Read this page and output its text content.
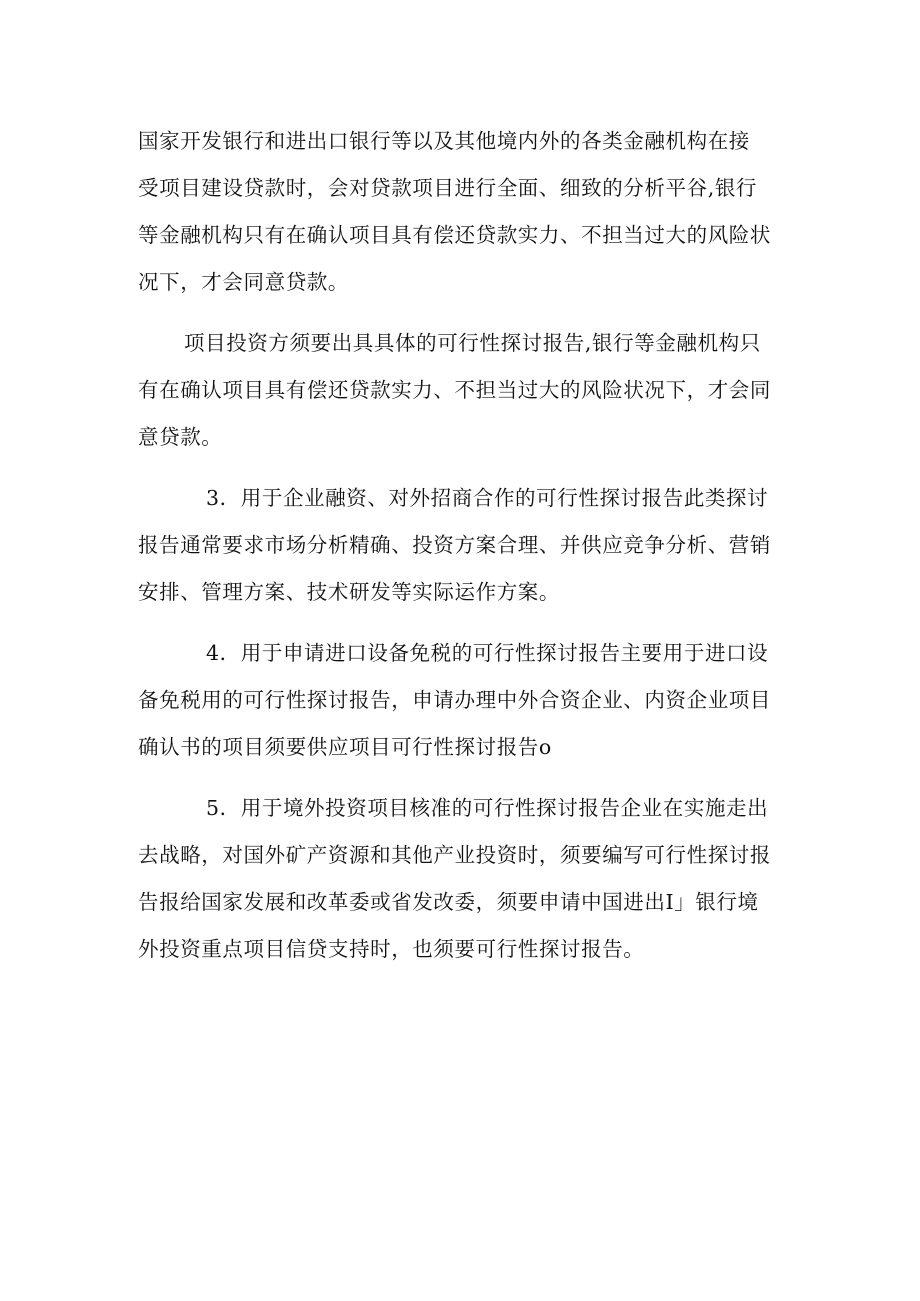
国家开发银行和进出口银行等以及其他境内外的各类金融机构在接
受项目建设贷款时，会对贷款项目进行全面、细致的分析平谷,银行
等金融机构只有在确认项目具有偿还贷款实力、不担当过大的风险状
况下，才会同意贷款。

项目投资方须要出具具体的可行性探讨报告,银行等金融机构只
有在确认项目具有偿还贷款实力、不担当过大的风险状况下，才会同
意贷款。

3．用于企业融资、对外招商合作的可行性探讨报告此类探讨
报告通常要求市场分析精确、投资方案合理、并供应竞争分析、营销
安排、管理方案、技术研发等实际运作方案。

4．用于申请进口设备免税的可行性探讨报告主要用于进口设
备免税用的可行性探讨报告，申请办理中外合资企业、内资企业项目
确认书的项目须要供应项目可行性探讨报告o

5．用于境外投资项目核准的可行性探讨报告企业在实施走出
去战略，对国外矿产资源和其他产业投资时，须要编写可行性探讨报
告报给国家发展和改革委或省发改委，须要申请中国进出I」银行境
外投资重点项目信贷支持时，也须要可行性探讨报告。
